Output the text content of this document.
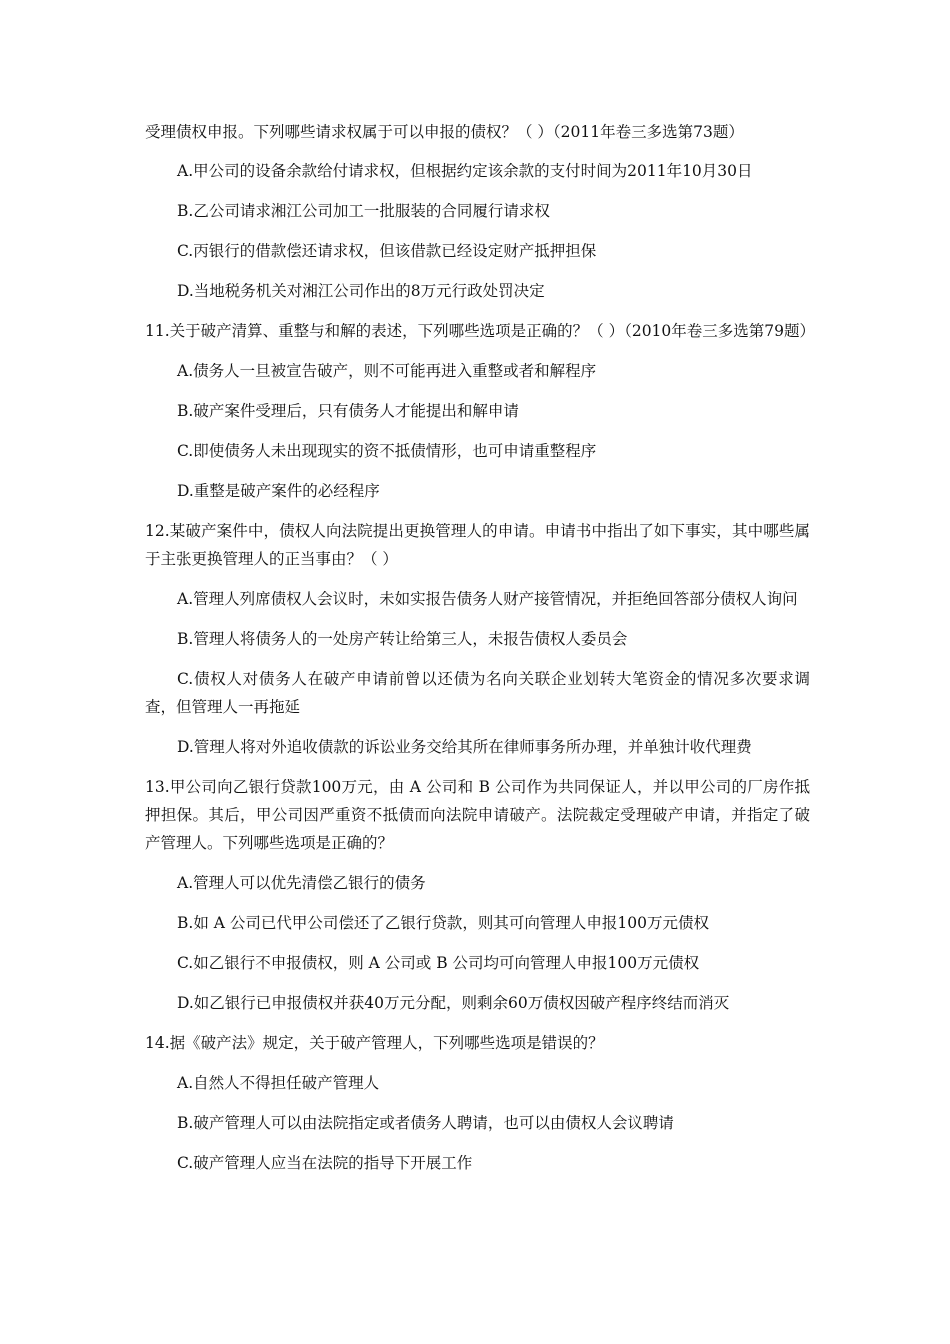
受理债权申报。下列哪些请求权属于可以申报的债权？（ ）（2011年卷三多选第73题）

A.甲公司的设备余款给付请求权，但根据约定该余款的支付时间为2011年10月30日

B.乙公司请求湘江公司加工一批服装的合同履行请求权

C.丙银行的借款偿还请求权，但该借款已经设定财产抵押担保

D.当地税务机关对湘江公司作出的8万元行政处罚决定

11.关于破产清算、重整与和解的表述，下列哪些选项是正确的？（ ）（2010年卷三多选第79题）

A.债务人一旦被宣告破产，则不可能再进入重整或者和解程序

B.破产案件受理后，只有债务人才能提出和解申请

C.即使债务人未出现现实的资不抵债情形，也可申请重整程序

D.重整是破产案件的必经程序

12.某破产案件中，债权人向法院提出更换管理人的申请。申请书中指出了如下事实，其中哪些属于主张更换管理人的正当事由？（ ）

A.管理人列席债权人会议时，未如实报告债务人财产接管情况，并拒绝回答部分债权人询问

B.管理人将债务人的一处房产转让给第三人，未报告债权人委员会

C.债权人对债务人在破产申请前曾以还债为名向关联企业划转大笔资金的情况多次要求调查，但管理人一再拖延

D.管理人将对外追收债款的诉讼业务交给其所在律师事务所办理，并单独计收代理费

13.甲公司向乙银行贷款100万元，由 A 公司和 B 公司作为共同保证人，并以甲公司的厂房作抵押担保。其后，甲公司因严重资不抵债而向法院申请破产。法院裁定受理破产申请，并指定了破产管理人。下列哪些选项是正确的？

A.管理人可以优先清偿乙银行的债务

B.如 A 公司已代甲公司偿还了乙银行贷款，则其可向管理人申报100万元债权

C.如乙银行不申报债权，则 A 公司或 B 公司均可向管理人申报100万元债权

D.如乙银行已申报债权并获40万元分配，则剩余60万债权因破产程序终结而消灭

14.据《破产法》规定，关于破产管理人，下列哪些选项是错误的？

A.自然人不得担任破产管理人

B.破产管理人可以由法院指定或者债务人聘请，也可以由债权人会议聘请

C.破产管理人应当在法院的指导下开展工作
